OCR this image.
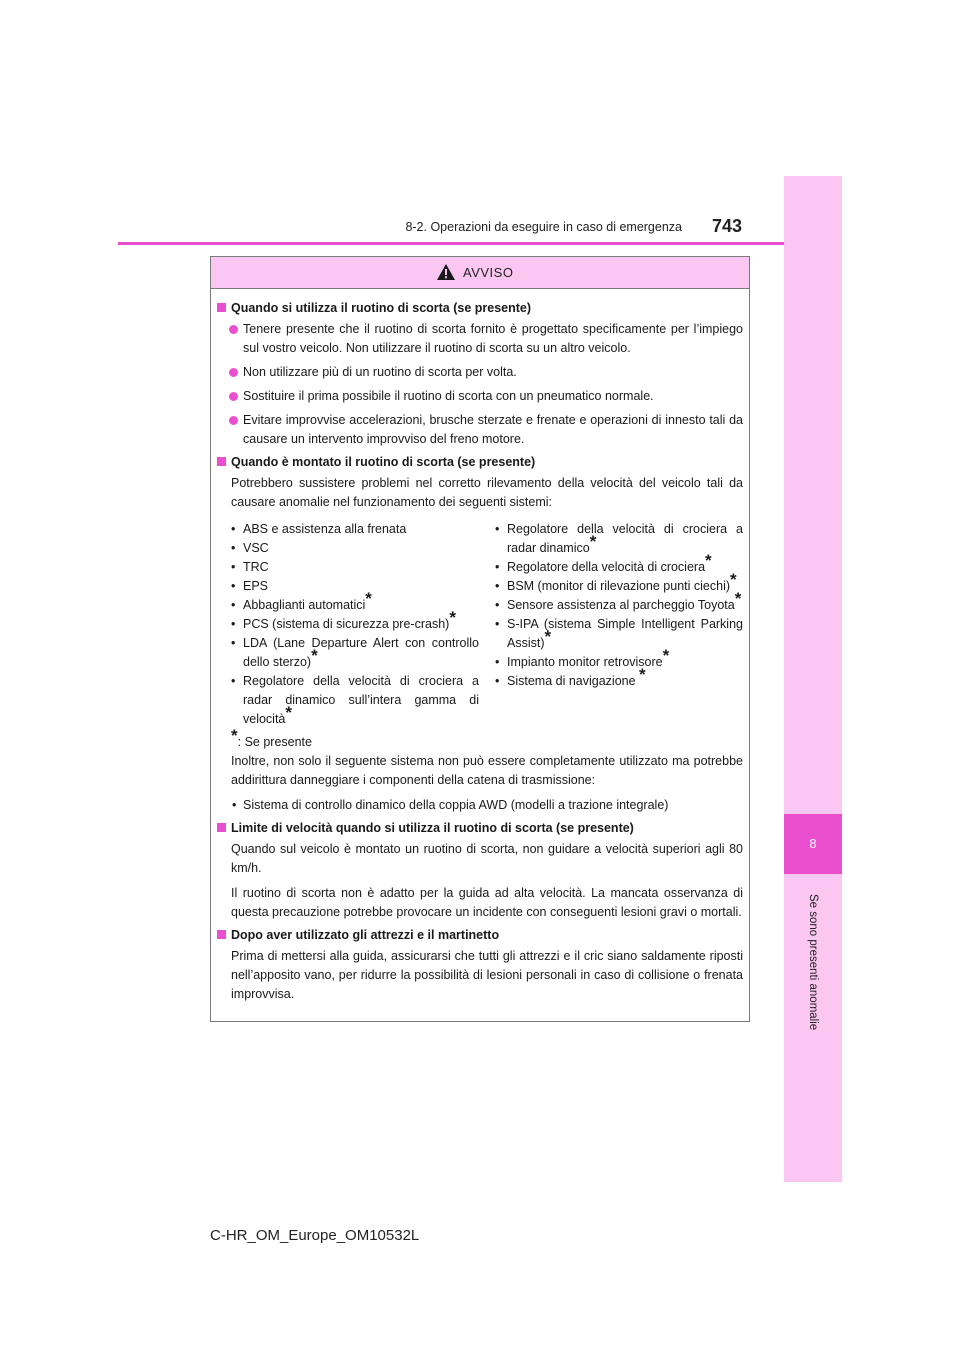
8
Se sono presenti anomalie
8-2. Operazioni da eseguire in caso di emergenza 743
AVVISO
Quando si utilizza il ruotino di scorta (se presente)
Tenere presente che il ruotino di scorta fornito è progettato specificamente per l’impiego sul vostro veicolo. Non utilizzare il ruotino di scorta su un altro veicolo.
Non utilizzare più di un ruotino di scorta per volta.
Sostituire il prima possibile il ruotino di scorta con un pneumatico normale.
Evitare improvvise accelerazioni, brusche sterzate e frenate e operazioni di innesto tali da causare un intervento improvviso del freno motore.
Quando è montato il ruotino di scorta (se presente)
Potrebbero sussistere problemi nel corretto rilevamento della velocità del veicolo tali da causare anomalie nel funzionamento dei seguenti sistemi:
• ABS e assistenza alla frenata
• VSC
• TRC
• EPS
• Abbaglianti automatici*
• PCS (sistema di sicurezza pre-crash)*
• LDA (Lane Departure Alert con controllo dello sterzo)*
• Regolatore della velocità di crociera a radar dinamico sull’intera gamma di velocità*
• Regolatore della velocità di crociera a radar dinamico*
• Regolatore della velocità di crociera*
• BSM (monitor di rilevazione punti ciechi)*
• Sensore assistenza al parcheggio Toyota*
• S-IPA (sistema Simple Intelligent Parking Assist)*
• Impianto monitor retrovisore*
• Sistema di navigazione *
*: Se presente
Inoltre, non solo il seguente sistema non può essere completamente utilizzato ma potrebbe addirittura danneggiare i componenti della catena di trasmissione:
• Sistema di controllo dinamico della coppia AWD (modelli a trazione integrale)
Limite di velocità quando si utilizza il ruotino di scorta (se presente)
Quando sul veicolo è montato un ruotino di scorta, non guidare a velocità superiori agli 80 km/h.
Il ruotino di scorta non è adatto per la guida ad alta velocità. La mancata osservanza di questa precauzione potrebbe provocare un incidente con conseguenti lesioni gravi o mortali.
Dopo aver utilizzato gli attrezzi e il martinetto
Prima di mettersi alla guida, assicurarsi che tutti gli attrezzi e il cric siano saldamente riposti nell’apposito vano, per ridurre la possibilità di lesioni personali in caso di collisione o frenata improvvisa.
C-HR_OM_Europe_OM10532L
